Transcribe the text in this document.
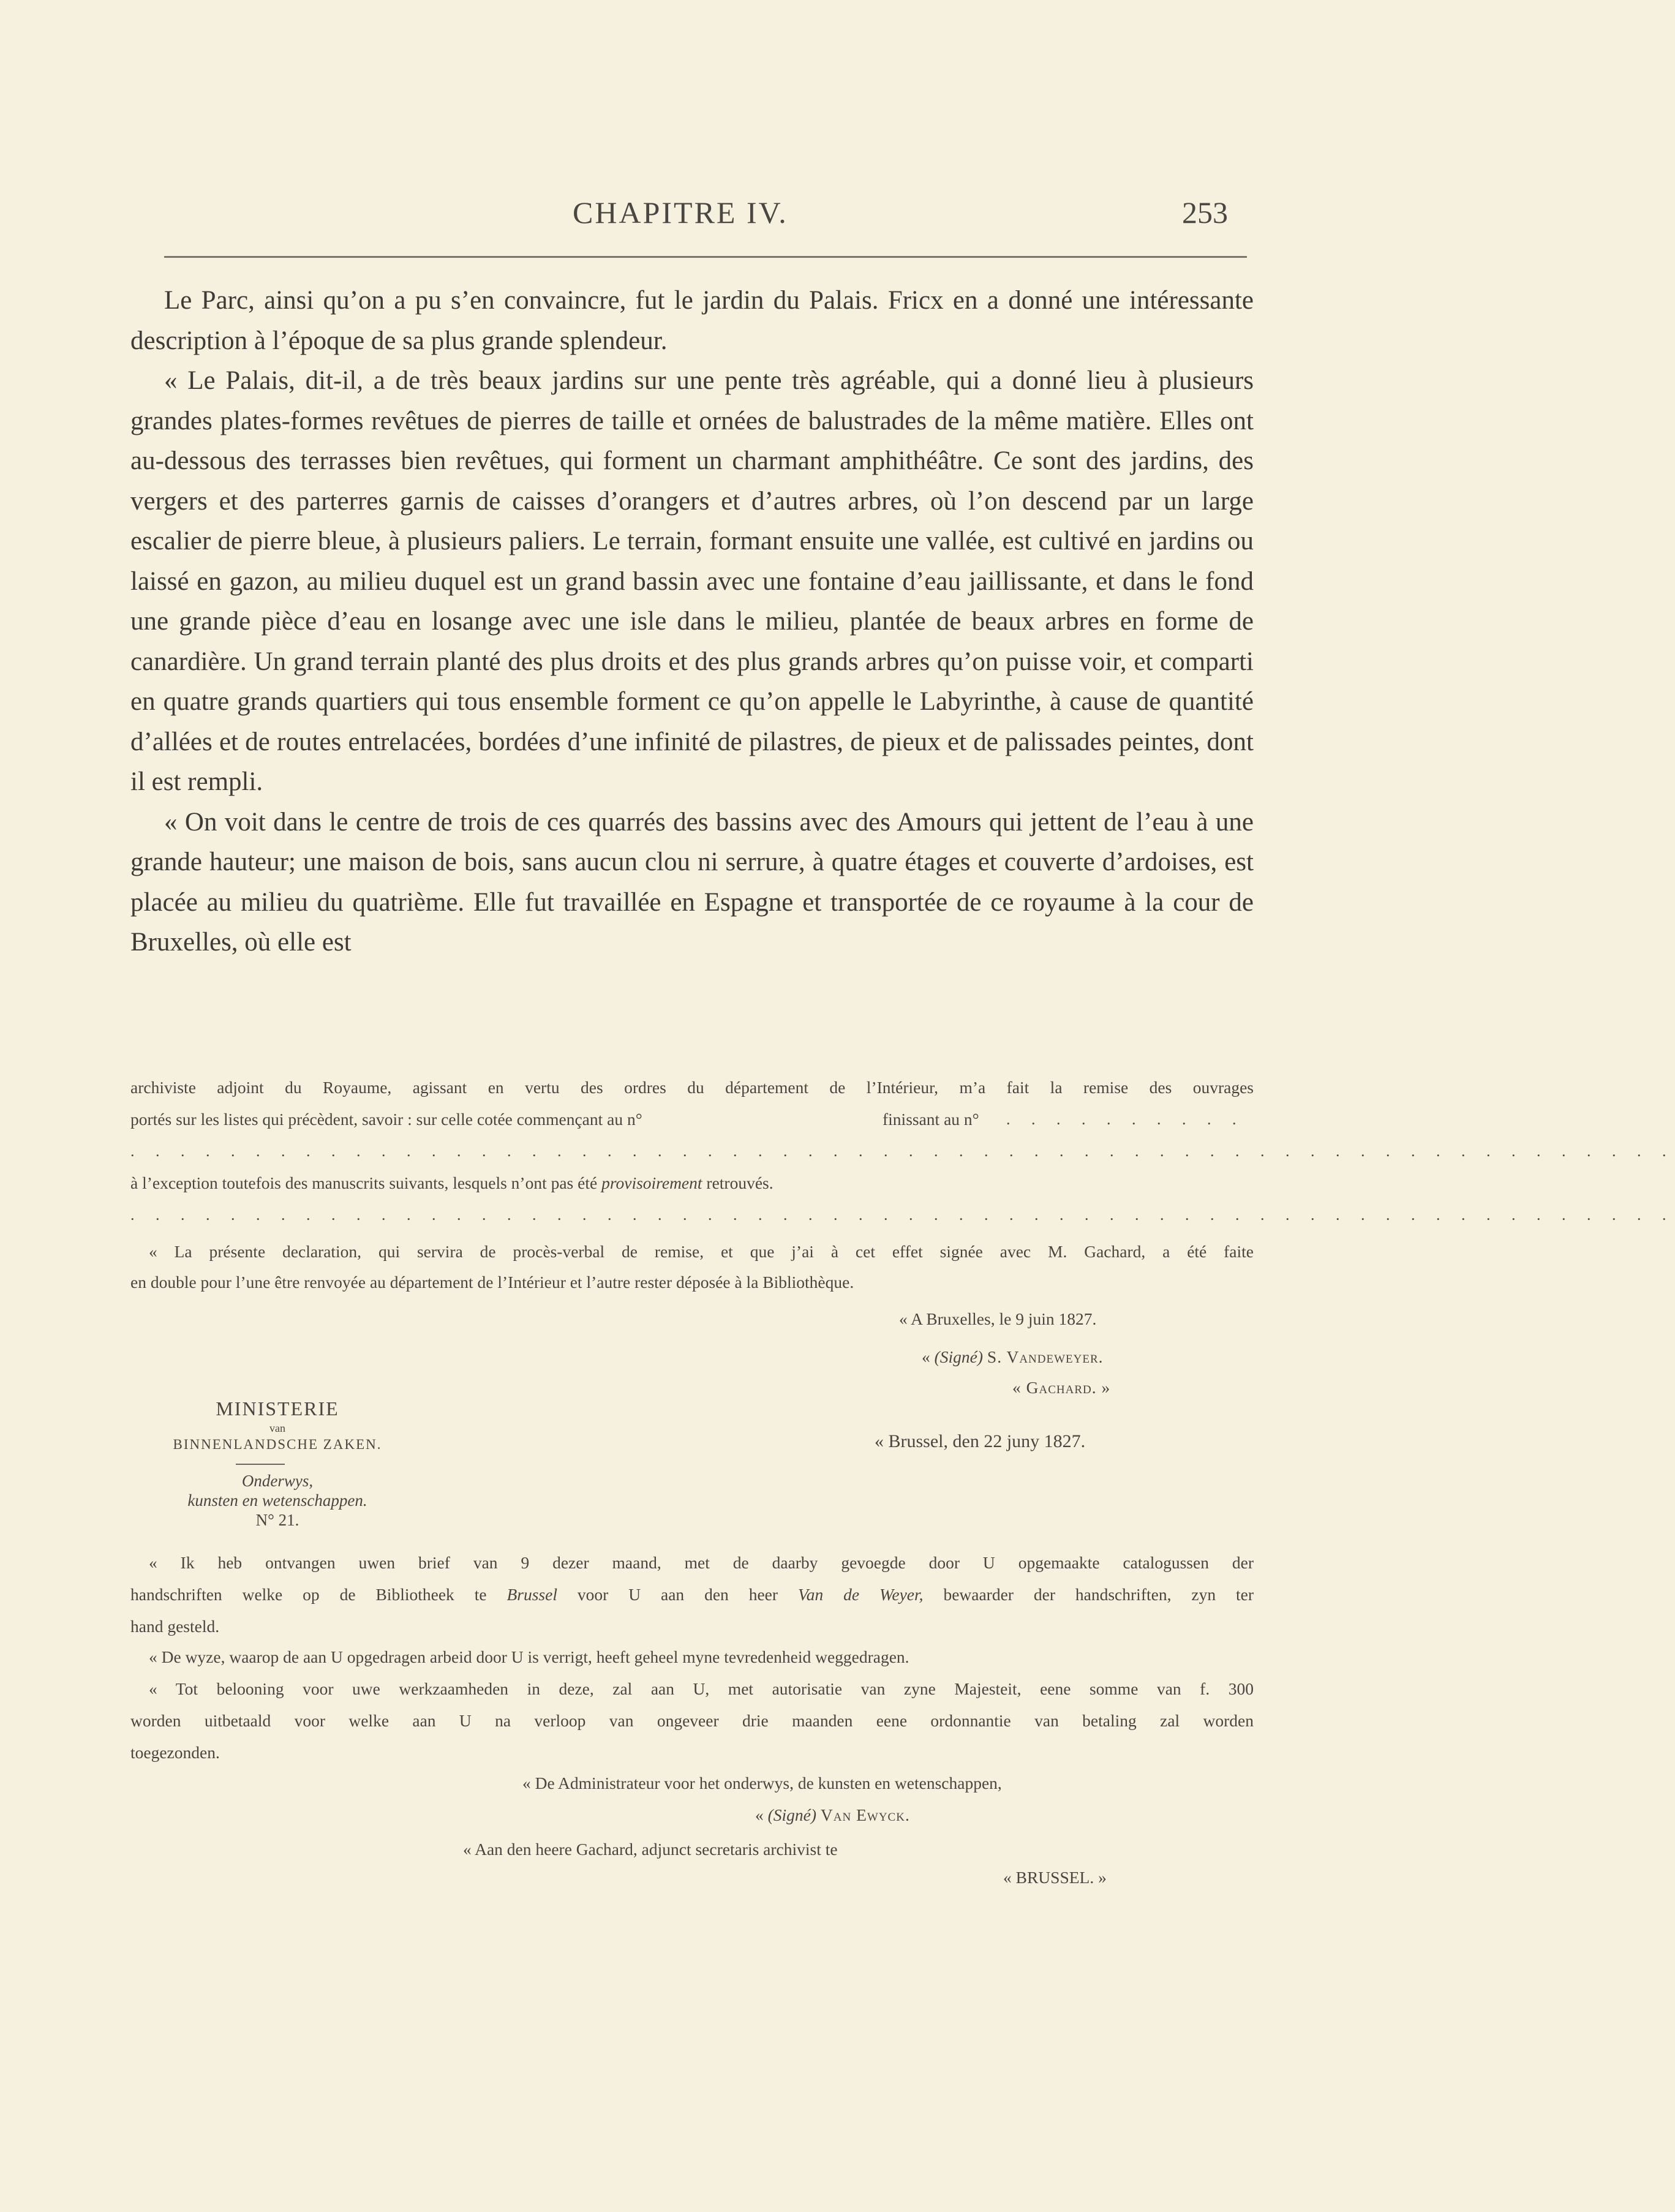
CHAPITRE IV.	253

Le Parc, ainsi qu’on a pu s’en convaincre, fut le jardin du Palais. Fricx en a donné une intéressante description à l’époque de sa plus grande splendeur.

« Le Palais, dit-il, a de très beaux jardins sur une pente très agréable, qui a donné lieu à plusieurs grandes plates-formes revêtues de pierres de taille et ornées de balustrades de la même matière. Elles ont au-dessous des terrasses bien revêtues, qui forment un charmant amphithéâtre. Ce sont des jardins, des vergers et des parterres garnis de caisses d’orangers et d’autres arbres, où l’on descend par un large escalier de pierre bleue, à plusieurs paliers. Le terrain, formant ensuite une vallée, est cultivé en jardins ou laissé en gazon, au milieu duquel est un grand bassin avec une fontaine d’eau jaillissante, et dans le fond une grande pièce d’eau en losange avec une isle dans le milieu, plantée de beaux arbres en forme de canardière. Un grand terrain planté des plus droits et des plus grands arbres qu’on puisse voir, et comparti en quatre grands quartiers qui tous ensemble forment ce qu’on appelle le Labyrinthe, à cause de quantité d’allées et de routes entrelacées, bordées d’une infinité de pilastres, de pieux et de palissades peintes, dont il est rempli.

« On voit dans le centre de trois de ces quarrés des bassins avec des Amours qui jettent de l’eau à une grande hauteur; une maison de bois, sans aucun clou ni serrure, à quatre étages et couverte d’ardoises, est placée au milieu du quatrième. Elle fut travaillée en Espagne et transportée de ce royaume à la cour de Bruxelles, où elle est

archiviste adjoint du Royaume, agissant en vertu des ordres du département de l’Intérieur, m’a fait la remise des ouvrages
portés sur les listes qui précèdent, savoir : sur celle cotée commençant au n°	finissant au n° . . . . . . . . . .
. . . . . . . . . . . . . . . . . . . . . . . . . . . . . . . . . . . . . . . . . . . . . . . . . . . . . . . . . . . . . .
à l’exception toutefois des manuscrits suivants, lesquels n’ont pas été provisoirement retrouvés.
. . . . . . . . . . . . . . . . . . . . . . . . . . . . . . . . . . . . . . . . . . . . . . . . . . . . . . . . . . . . . .
« La présente declaration, qui servira de procès-verbal de remise, et que j’ai à cet effet signée avec M. Gachard, a été faite
en double pour l’une être renvoyée au département de l’Intérieur et l’autre rester déposée à la Bibliothèque.
« A Bruxelles, le 9 juin 1827.
« (Signé) S. Vandeweyer.
« Gachard. »
MINISTERIE
van
BINNENLANDSCHE ZAKEN.
Onderwys,
kunsten en wetenschappen.
N° 21.
« Brussel, den 22 juny 1827.
« Ik heb ontvangen uwen brief van 9 dezer maand, met de daarby gevoegde door U opgemaakte catalogussen der
handschriften welke op de Bibliotheek te Brussel voor U aan den heer Van de Weyer, bewaarder der handschriften, zyn ter
hand gesteld.
« De wyze, waarop de aan U opgedragen arbeid door U is verrigt, heeft geheel myne tevredenheid weggedragen.
« Tot belooning voor uwe werkzaamheden in deze, zal aan U, met autorisatie van zyne Majesteit, eene somme van f. 300
worden uitbetaald voor welke aan U na verloop van ongeveer drie maanden eene ordonnantie van betaling zal worden
toegezonden.
« De Administrateur voor het onderwys, de kunsten en wetenschappen,
« (Signé) Van Ewyck.
« Aan den heere Gachard, adjunct secretaris archivist te
« BRUSSEL. »
